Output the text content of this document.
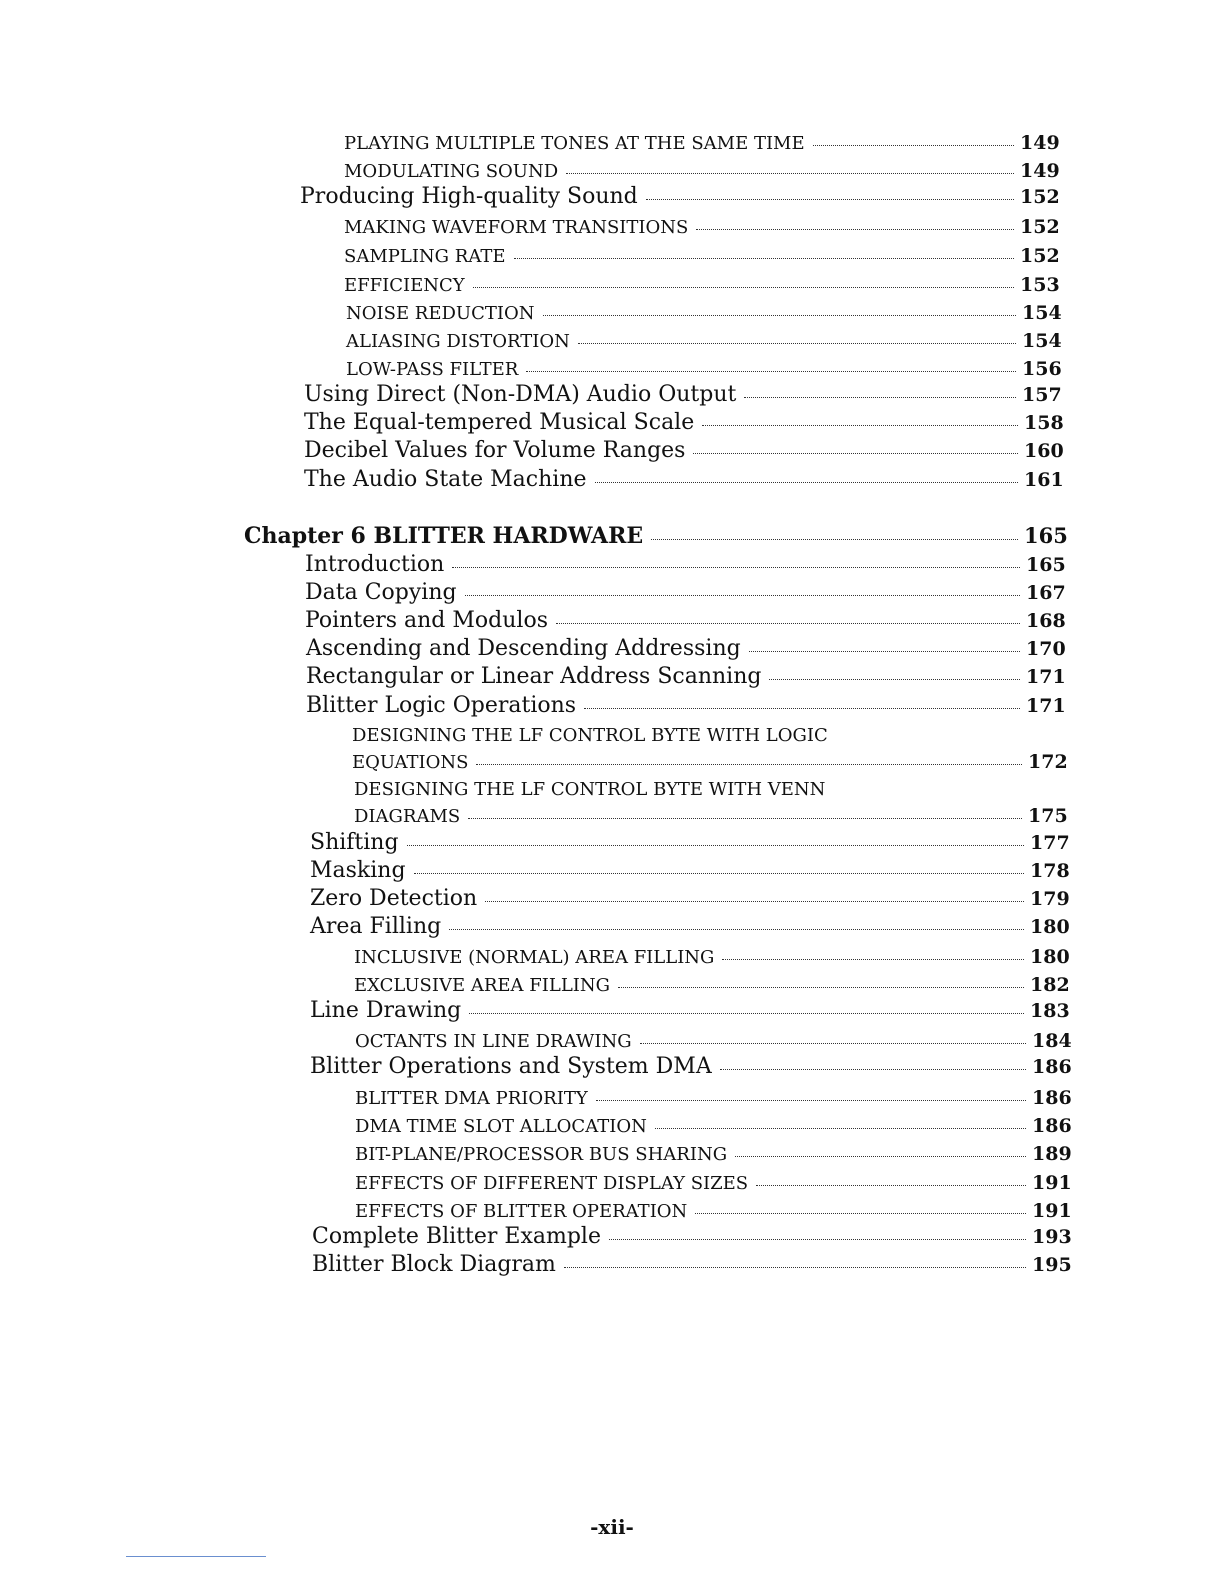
PLAYING MULTIPLE TONES AT THE SAME TIME	149
MODULATING SOUND	149
Producing High-quality Sound	152
MAKING WAVEFORM TRANSITIONS	152
SAMPLING RATE	152
EFFICIENCY	153
NOISE REDUCTION	154
ALIASING DISTORTION	154
LOW-PASS FILTER	156
Using Direct (Non-DMA) Audio Output	157
The Equal-tempered Musical Scale	158
Decibel Values for Volume Ranges	160
The Audio State Machine	161
Chapter 6 BLITTER HARDWARE	165
Introduction	165
Data Copying	167
Pointers and Modulos	168
Ascending and Descending Addressing	170
Rectangular or Linear Address Scanning	171
Blitter Logic Operations	171
DESIGNING THE LF CONTROL BYTE WITH LOGIC
EQUATIONS	172
DESIGNING THE LF CONTROL BYTE WITH VENN
DIAGRAMS	175
Shifting	177
Masking	178
Zero Detection	179
Area Filling	180
INCLUSIVE (NORMAL) AREA FILLING	180
EXCLUSIVE AREA FILLING	182
Line Drawing	183
OCTANTS IN LINE DRAWING	184
Blitter Operations and System DMA	186
BLITTER DMA PRIORITY	186
DMA TIME SLOT ALLOCATION	186
BIT-PLANE/PROCESSOR BUS SHARING	189
EFFECTS OF DIFFERENT DISPLAY SIZES	191
EFFECTS OF BLITTER OPERATION	191
Complete Blitter Example	193
Blitter Block Diagram	195
-xii-
